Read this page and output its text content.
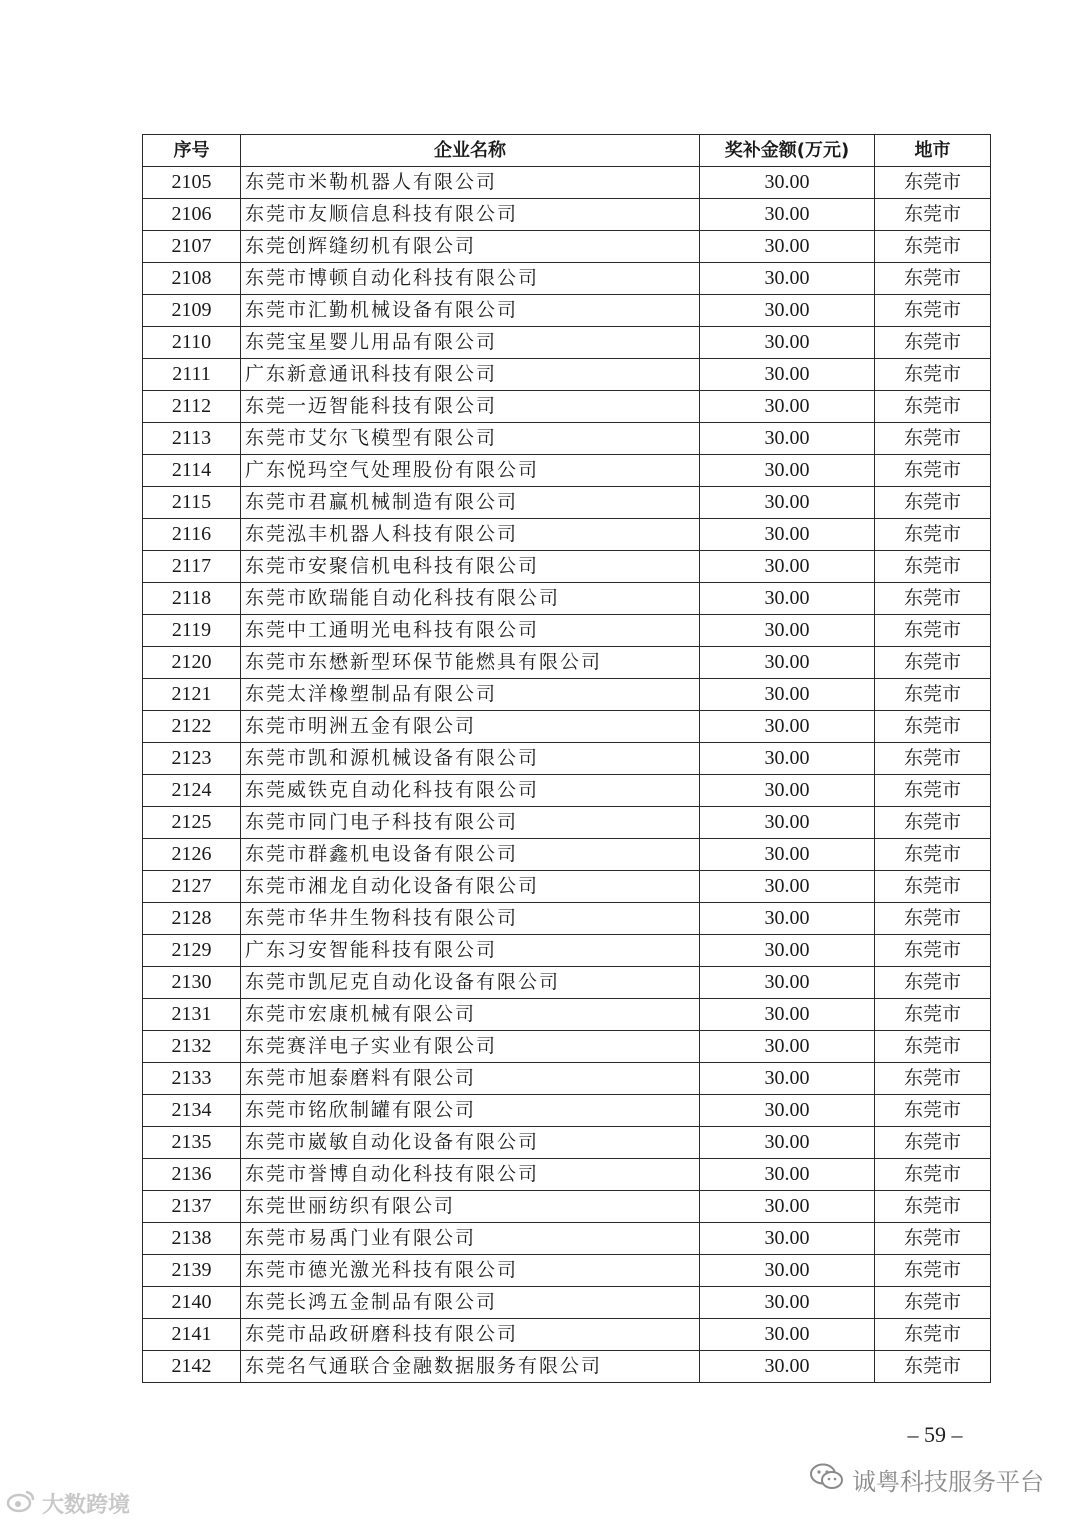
序号	企业名称	奖补金额(万元)	地市
2105	东莞市米勒机器人有限公司	30.00	东莞市
2106	东莞市友顺信息科技有限公司	30.00	东莞市
2107	东莞创辉缝纫机有限公司	30.00	东莞市
2108	东莞市博顿自动化科技有限公司	30.00	东莞市
2109	东莞市汇勤机械设备有限公司	30.00	东莞市
2110	东莞宝星婴儿用品有限公司	30.00	东莞市
2111	广东新意通讯科技有限公司	30.00	东莞市
2112	东莞一迈智能科技有限公司	30.00	东莞市
2113	东莞市艾尔飞模型有限公司	30.00	东莞市
2114	广东悦玛空气处理股份有限公司	30.00	东莞市
2115	东莞市君赢机械制造有限公司	30.00	东莞市
2116	东莞泓丰机器人科技有限公司	30.00	东莞市
2117	东莞市安聚信机电科技有限公司	30.00	东莞市
2118	东莞市欧瑞能自动化科技有限公司	30.00	东莞市
2119	东莞中工通明光电科技有限公司	30.00	东莞市
2120	东莞市东懋新型环保节能燃具有限公司	30.00	东莞市
2121	东莞太洋橡塑制品有限公司	30.00	东莞市
2122	东莞市明洲五金有限公司	30.00	东莞市
2123	东莞市凯和源机械设备有限公司	30.00	东莞市
2124	东莞威铁克自动化科技有限公司	30.00	东莞市
2125	东莞市同门电子科技有限公司	30.00	东莞市
2126	东莞市群鑫机电设备有限公司	30.00	东莞市
2127	东莞市湘龙自动化设备有限公司	30.00	东莞市
2128	东莞市华井生物科技有限公司	30.00	东莞市
2129	广东习安智能科技有限公司	30.00	东莞市
2130	东莞市凯尼克自动化设备有限公司	30.00	东莞市
2131	东莞市宏康机械有限公司	30.00	东莞市
2132	东莞赛洋电子实业有限公司	30.00	东莞市
2133	东莞市旭泰磨料有限公司	30.00	东莞市
2134	东莞市铭欣制罐有限公司	30.00	东莞市
2135	东莞市崴敏自动化设备有限公司	30.00	东莞市
2136	东莞市誉博自动化科技有限公司	30.00	东莞市
2137	东莞世丽纺织有限公司	30.00	东莞市
2138	东莞市易禹门业有限公司	30.00	东莞市
2139	东莞市德光激光科技有限公司	30.00	东莞市
2140	东莞长鸿五金制品有限公司	30.00	东莞市
2141	东莞市品政研磨科技有限公司	30.00	东莞市
2142	东莞名气通联合金融数据服务有限公司	30.00	东莞市
– 59 –
诚粤科技服务平台
大数跨境
